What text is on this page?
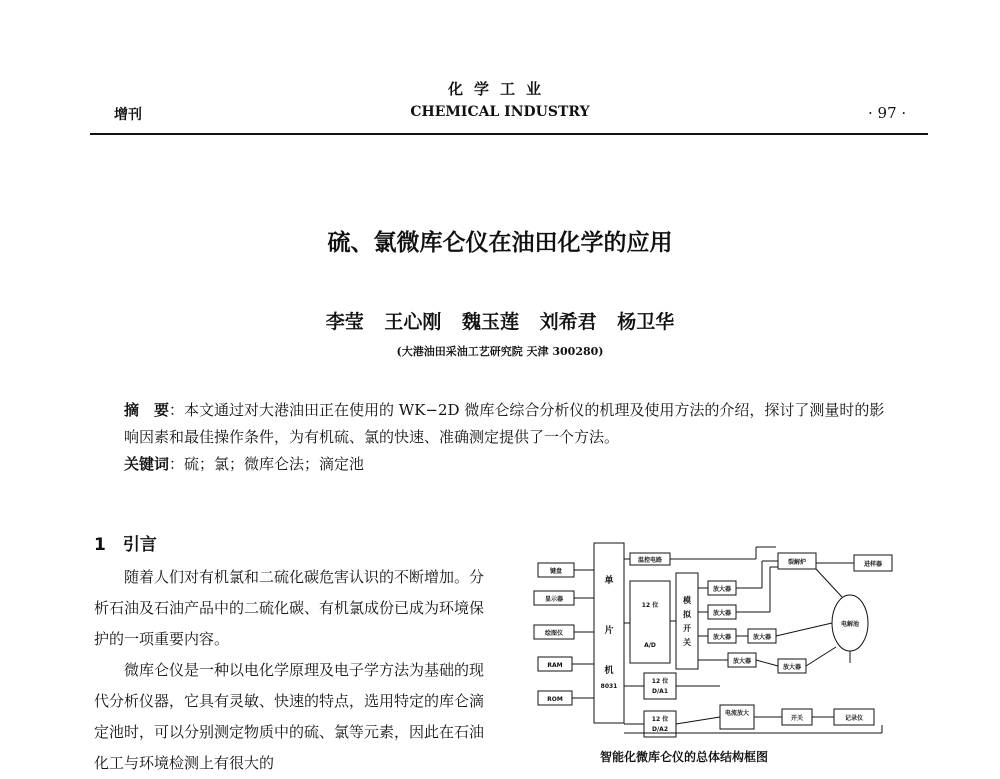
化学工业
增刊	CHEMICAL INDUSTRY	· 97 ·
硫、氯微库仑仪在油田化学的应用
李莹 王心刚 魏玉莲 刘希君 杨卫华
(大港油田采油工艺研究院 天津 300280)
摘　要：本文通过对大港油田正在使用的 WK−2D 微库仑综合分析仪的机理及使用方法的介绍，探讨了测量时的影响因素和最佳操作条件，为有机硫、氯的快速、准确测定提供了一个方法。
关键词：硫；氯；微库仑法；滴定池
1　引言
随着人们对有机氯和二硫化碳危害认识的不断增加。分析石油及石油产品中的二硫化碳、有机氯成份已成为环境保护的一项重要内容。
微库仑仪是一种以电化学原理及电子学方法为基础的现代分析仪器，它具有灵敏、快速的特点，选用特定的库仑滴定池时，可以分别测定物质中的硫、氯等元素，因此在石油化工与环境检测上有很大的
键盘
显示器
绘图仪
RAM
ROM
单
片
机
8031
12 位
A/D
12 位
D/A1
12 位
D/A2
温控电路
模
拟
开
关
放大器
放大器
放大器	放大器
放大器
放大器
裂解炉	进样器
电解池
电流放大
开关	记录仪
智能化微库仑仪的总体结构框图
